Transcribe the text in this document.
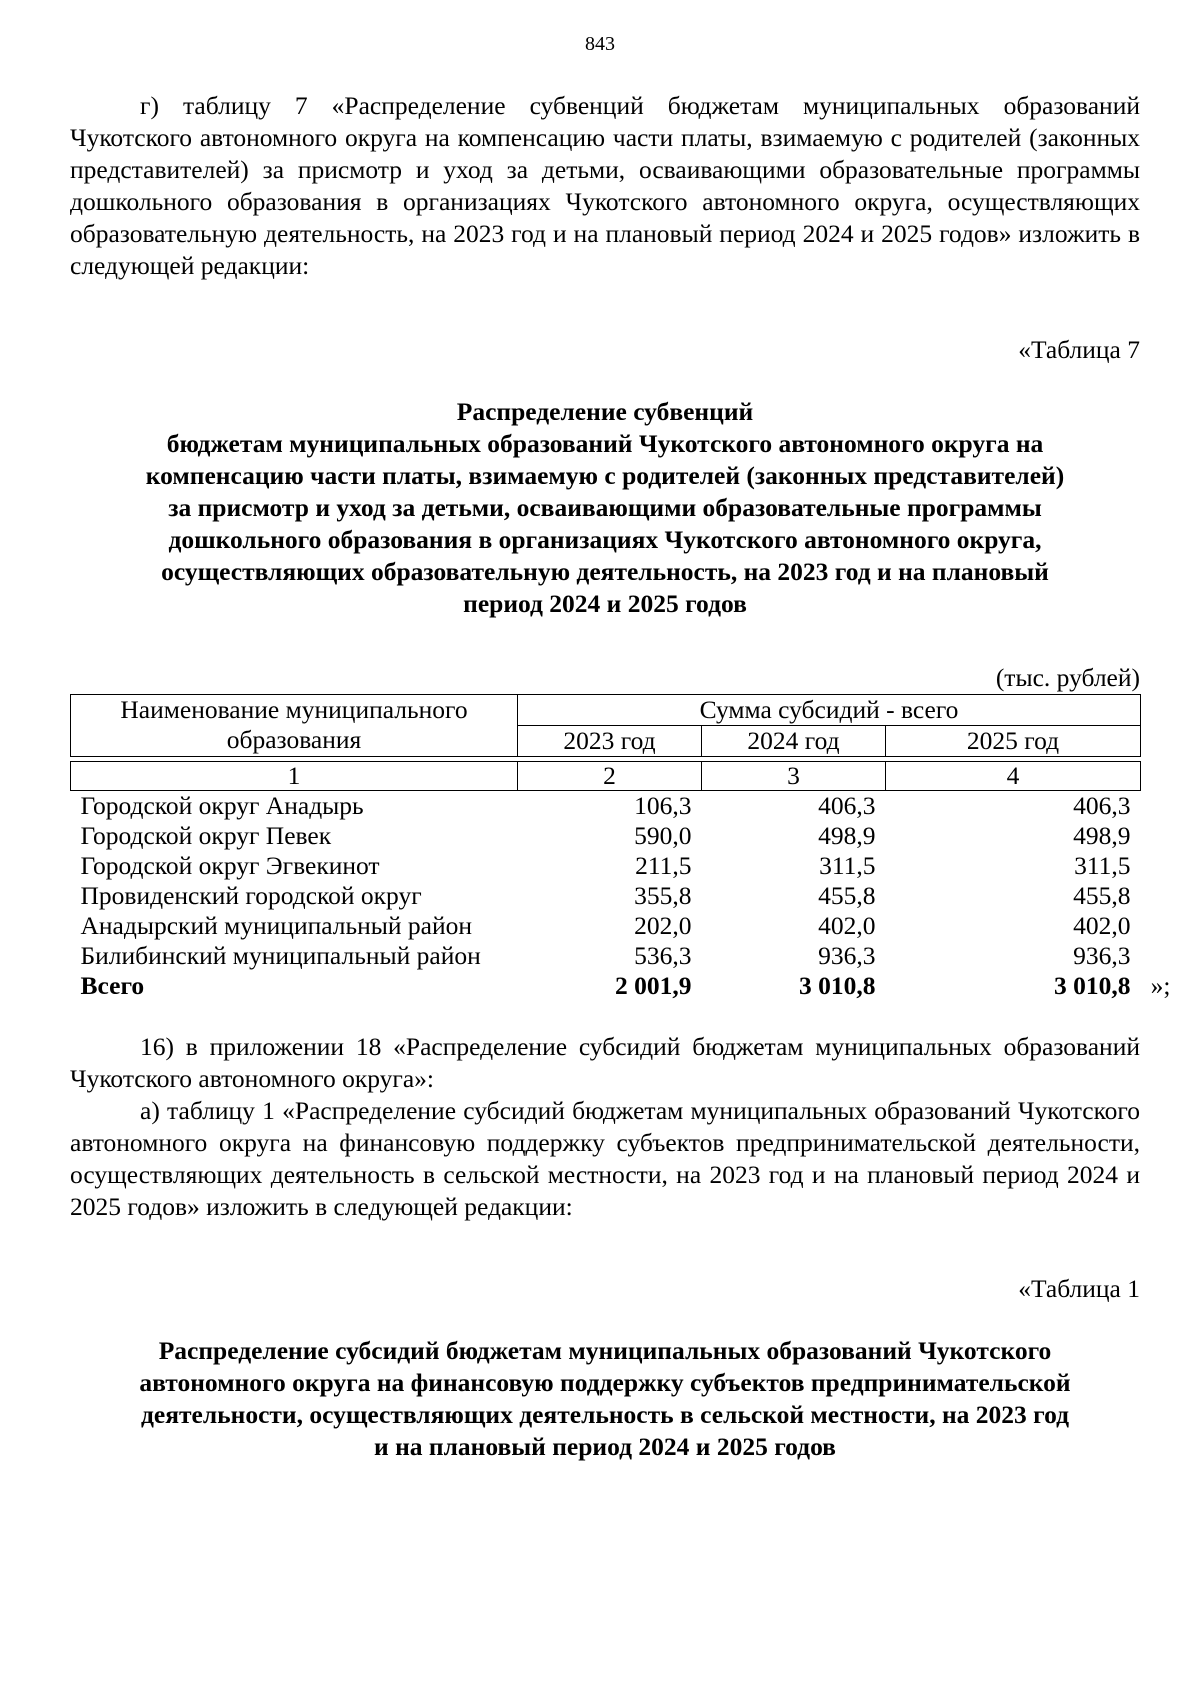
843

г) таблицу 7 «Распределение субвенций бюджетам муниципальных образований Чукотского автономного округа на компенсацию части платы, взимаемую с родителей (законных представителей) за присмотр и уход за детьми, осваивающими образовательные программы дошкольного образования в организациях Чукотского автономного округа, осуществляющих образовательную деятельность, на 2023 год и на плановый период 2024 и 2025 годов» изложить в следующей редакции:

«Таблица 7

Распределение субвенций

бюджетам муниципальных образований Чукотского автономного округа на

компенсацию части платы, взимаемую с родителей (законных представителей)

за присмотр и уход за детьми, осваивающими образовательные программы

дошкольного образования в организациях Чукотского автономного округа,

осуществляющих образовательную деятельность, на 2023 год и на плановый

период 2024 и 2025 годов

(тыс. рублей)

Наименование муниципального образования	Сумма субсидий - всего		
	2023 год	2024 год	2025 год

1	2	3	4
Городской округ Анадырь	106,3	406,3	406,3
Городской округ Певек	590,0	498,9	498,9
Городской округ Эгвекинот	211,5	311,5	311,5
Провиденский городской округ	355,8	455,8	455,8
Анадырский муниципальный район	202,0	402,0	402,0
Билибинский муниципальный район	536,3	936,3	936,3
Всего	2 001,9	3 010,8	3 010,8 »;

16) в приложении 18 «Распределение субсидий бюджетам муниципальных образований Чукотского автономного округа»:

а) таблицу 1 «Распределение субсидий бюджетам муниципальных образований Чукотского автономного округа на финансовую поддержку субъектов предпринимательской деятельности, осуществляющих деятельность в сельской местности, на 2023 год и на плановый период 2024 и 2025 годов» изложить в следующей редакции:

«Таблица 1

Распределение субсидий бюджетам муниципальных образований Чукотского

автономного округа на финансовую поддержку субъектов предпринимательской

деятельности, осуществляющих деятельность в сельской местности, на 2023 год

и на плановый период 2024 и 2025 годов
